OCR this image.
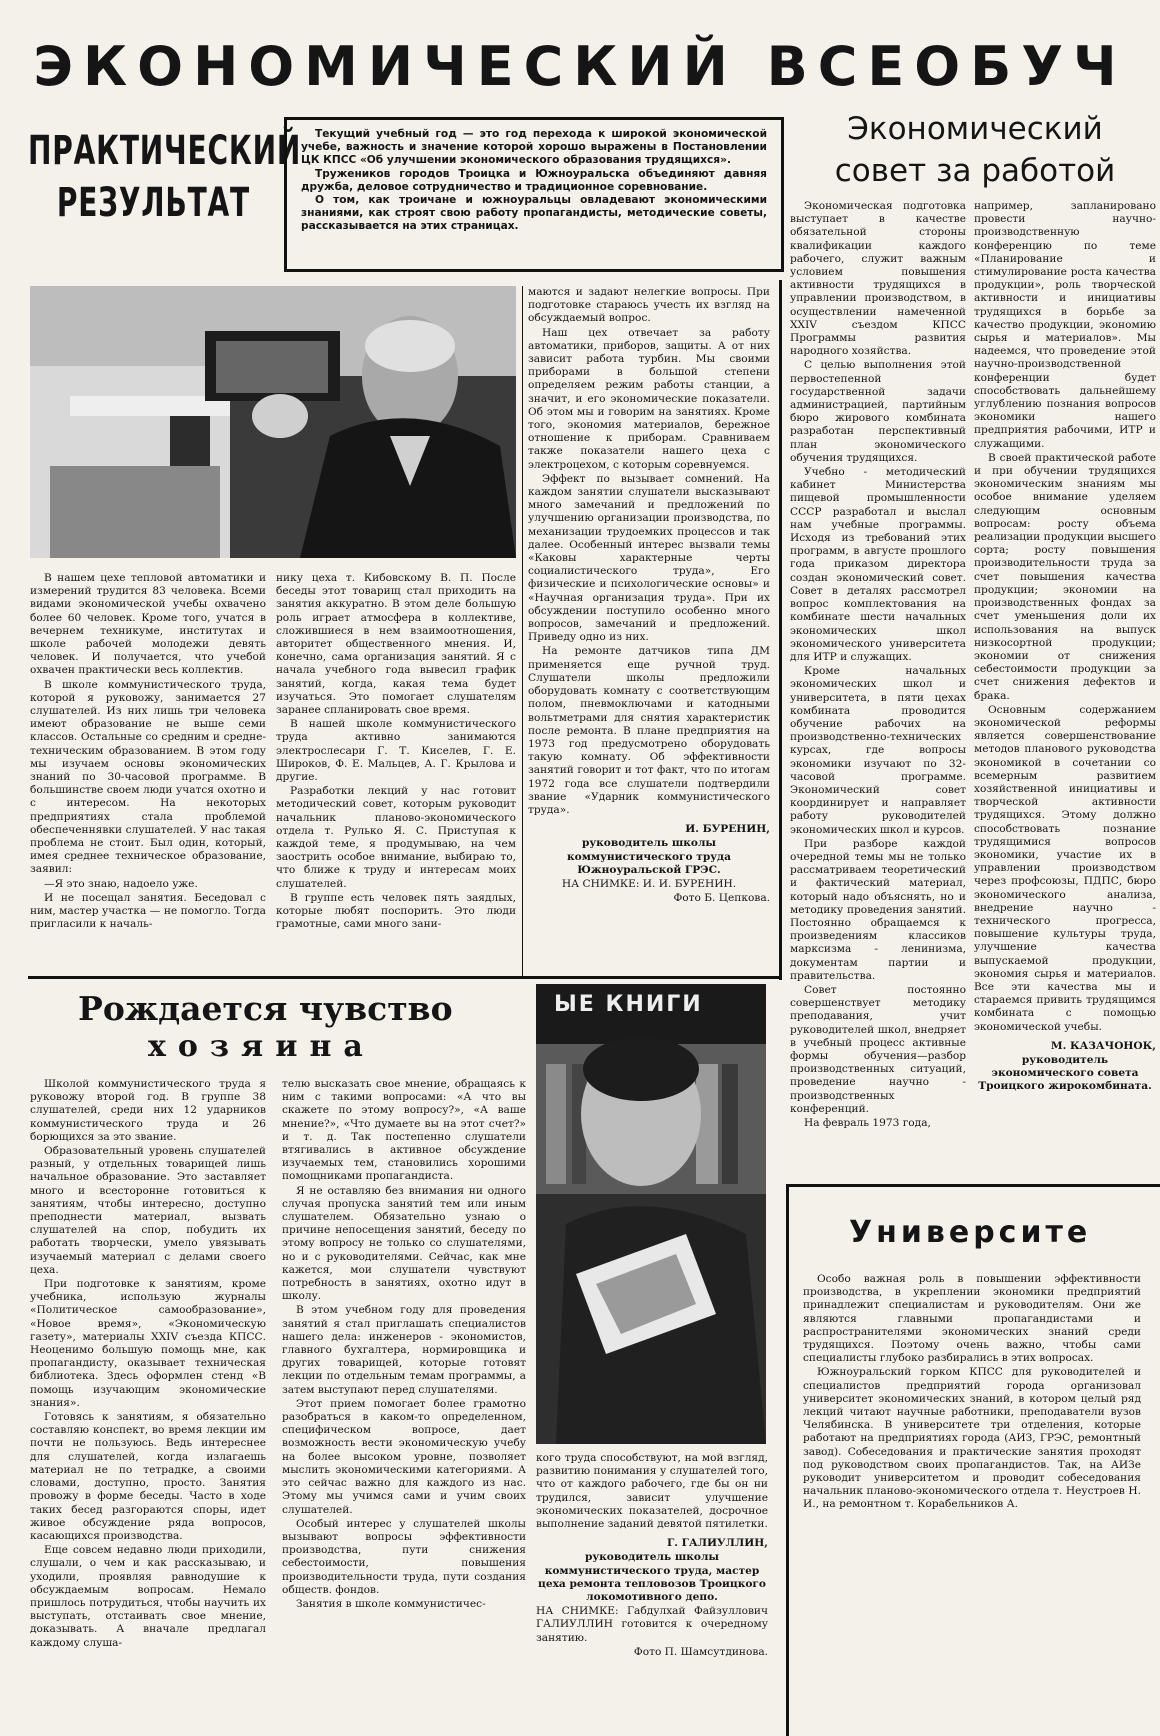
ЭКОНОМИЧЕСКИЙ ВСЕОБУЧ
ПРАКТИЧЕСКИЙ
РЕЗУЛЬТАТ

Текущий учебный год — это год перехода к широкой экономической учебе, важность и значение которой хорошо выражены в Постановлении ЦК КПСС «Об улучшении экономического образования трудящихся».

Тружеников городов Троицка и Южноуральска объединяют давняя дружба, деловое сотрудничество и традиционное соревнование.

О том, как троичане и южноуральцы овладевают экономическими знаниями, как строят свою работу пропагандисты, методические советы, рассказывается на этих страницах.

Экономический
совет за работой

В нашем цехе тепловой автоматики и измерений трудится 83 человека. Всеми видами экономической учебы охвачено более 60 человек. Кроме того, учатся в вечернем техникуме, институтах и школе рабочей молодежи девять человек. И получается, что учебой охвачен практически весь коллектив.

В школе коммунистического труда, которой я руковожу, занимается 27 слушателей. Из них лишь три человека имеют образование не выше семи классов. Остальные со средним и средне-техническим образованием. В этом году мы изучаем основы экономических знаний по 30-часовой программе. В большинстве своем люди учатся охотно и с интересом. На некоторых предприятиях стала проблемой обеспеченнявки слушателей. У нас такая проблема не стоит. Был один, который, имея среднее техническое образование, заявил:

—Я это знаю, надоело уже.

И не посещал занятия. Беседовал с ним, мастер участка — не помогло. Тогда пригласили к началь-

нику цеха т. Кибовскому В. П. После беседы этот товарищ стал приходить на занятия аккуратно. В этом деле большую роль играет атмосфера в коллективе, сложившиеся в нем взаимоотношения, авторитет общественного мнения. И, конечно, сама организация занятий. Я с начала учебного года вывесил график занятий, когда, какая тема будет изучаться. Это помогает слушателям заранее спланировать свое время.

В нашей школе коммунистического труда активно занимаются электрослесари Г. Т. Киселев, Г. Е. Широков, Ф. Е. Мальцев, А. Г. Крылова и другие.

Разработки лекций у нас готовит методический совет, которым руководит начальник планово-экономического отдела т. Рулько Я. С. Приступая к каждой теме, я продумываю, на чем заострить особое внимание, выбираю то, что ближе к труду и интересам моих слушателей.

В группе есть человек пять заядлых, которые любят поспорить. Это люди грамотные, сами много зани-

маются и задают нелегкие вопросы. При подготовке стараюсь учесть их взгляд на обсуждаемый вопрос.

Наш цех отвечает за работу автоматики, приборов, защиты. А от них зависит работа турбин. Мы своими приборами в большой степени определяем режим работы станции, а значит, и его экономические показатели. Об этом мы и говорим на занятиях. Кроме того, экономия материалов, бережное отношение к приборам. Сравниваем также показатели нашего цеха с электроцехом, с которым соревнуемся.

Эффект по вызывает сомнений. На каждом занятии слушатели высказывают много замечаний и предложений по улучшению организации производства, по механизации трудоемких процессов и так далее. Особенный интерес вызвали темы «Каковы характерные черты социалистического труда», Его физические и психологические основы» и «Научная организация труда». При их обсуждении поступило особенно много вопросов, замечаний и предложений. Приведу одно из них.

На ремонте датчиков типа ДМ применяется еще ручной труд. Слушатели школы предложили оборудовать комнату с соответствующим полом, пневмоключами и катодными вольтметрами для снятия характеристик после ремонта. В плане предприятия на 1973 год предусмотрено оборудовать такую комнату. Об эффективности занятий говорит и тот факт, что по итогам 1972 года все слушатели подтвердили звание «Ударник коммунистического труда».

И. БУРЕНИН,

руководитель школы коммунистического труда Южноуральской ГРЭС.

НА СНИМКЕ: И. И. БУРЕНИН.

Фото Б. Цепкова.

Экономическая подготовка выступает в качестве обязательной стороны квалификации каждого рабочего, служит важным условием повышения активности трудящихся в управлении производством, в осуществлении намеченной XXIV съездом КПСС Программы развития народного хозяйства.

С целью выполнения этой первостепенной государственной задачи администрацией, партийным бюро жирового комбината разработан перспективный план экономического обучения трудящихся.

Учебно - методический кабинет Министерства пищевой промышленности СССР разработал и выслал нам учебные программы. Исходя из требований этих программ, в августе прошлого года приказом директора создан экономический совет. Совет в деталях рассмотрел вопрос комплектования на комбинате шести начальных экономических школ экономического университета для ИТР и служащих.

Кроме начальных экономических школ и университета, в пяти цехах комбината проводится обучение рабочих на производственно-технических курсах, где вопросы экономики изучают по 32-часовой программе. Экономический совет координирует и направляет работу руководителей экономических школ и курсов.

При разборе каждой очередной темы мы не только рассматриваем теоретический и фактический материал, который надо объяснять, но и методику проведения занятий. Постоянно обращаемся к произведениям классиков марксизма - ленинизма, документам партии и правительства.

Совет постоянно совершенствует методику преподавания, учит руководителей школ, внедряет в учебный процесс активные формы обучения—разбор производственных ситуаций, проведение научно - производственных конференций.

На февраль 1973 года,

например, запланировано провести научно-производственную конференцию по теме «Планирование и стимулирование роста качества продукции», роль творческой активности и инициативы трудящихся в борьбе за качество продукции, экономию сырья и материалов». Мы надеемся, что проведение этой научно-производственной конференции будет способствовать дальнейшему углублению познания вопросов экономики нашего предприятия рабочими, ИТР и служащими.

В своей практической работе и при обучении трудящихся экономическим знаниям мы особое внимание уделяем следующим основным вопросам: росту объема реализации продукции высшего сорта; росту повышения производительности труда за счет повышения качества продукции; экономии на производственных фондах за счет уменьшения доли их использования на выпуск низкосортной продукции; экономии от снижения себестоимости продукции за счет снижения дефектов и брака.

Основным содержанием экономической реформы является совершенствование методов планового руководства экономикой в сочетании со всемерным развитием хозяйственной инициативы и творческой активности трудящихся. Этому должно способствовать познание трудящимися вопросов экономики, участие их в управлении производством через профсоюзы, ПДПС, бюро экономического анализа, внедрение научно - технического прогресса, повышение культуры труда, улучшение качества выпускаемой продукции, экономия сырья и материалов. Все эти качества мы и стараемся привить трудящимся комбината с помощью экономической учебы.

М. КАЗАЧОНОК,

руководитель экономического совета Троицкого жирокомбината.

Рождается чувство
хозяина
ЫЕ КНИГИ

Школой коммунистического труда я руковожу второй год. В группе 38 слушателей, среди них 12 ударников коммунистического труда и 26 борющихся за это звание.

Образовательный уровень слушателей разный, у отдельных товарищей лишь начальное образование. Это заставляет много и всесторонне готовиться к занятиям, чтобы интересно, доступно преподнести материал, вызвать слушателей на спор, побудить их работать творчески, умело увязывать изучаемый материал с делами своего цеха.

При подготовке к занятиям, кроме учебника, использую журналы «Политическое самообразование», «Новое время», «Экономическую газету», материалы XXIV съезда КПСС. Неоценимо большую помощь мне, как пропагандисту, оказывает техническая библиотека. Здесь оформлен стенд «В помощь изучающим экономические знания».

Готовясь к занятиям, я обязательно составляю конспект, во время лекции им почти не пользуюсь. Ведь интереснее для слушателей, когда излагаешь материал не по тетрадке, а своими словами, доступно, просто. Занятия провожу в форме беседы. Часто в ходе таких бесед разгораются споры, идет живое обсуждение ряда вопросов, касающихся производства.

Еще совсем недавно люди приходили, слушали, о чем и как рассказываю, и уходили, проявляя равнодушие к обсуждаемым вопросам. Немало пришлось потрудиться, чтобы научить их выступать, отстаивать свое мнение, доказывать. А вначале предлагал каждому слуша-

телю высказать свое мнение, обращаясь к ним с такими вопросами: «А что вы скажете по этому вопросу?», «А ваше мнение?», «Что думаете вы на этот счет?» и т. д. Так постепенно слушатели втягивались в активное обсуждение изучаемых тем, становились хорошими помощниками пропагандиста.

Я не оставляю без внимания ни одного случая пропуска занятий тем или иным слушателем. Обязательно узнаю о причине непосещения занятий, беседу по этому вопросу не только со слушателями, но и с руководителями. Сейчас, как мне кажется, мои слушатели чувствуют потребность в занятиях, охотно идут в школу.

В этом учебном году для проведения занятий я стал приглашать специалистов нашего дела: инженеров - экономистов, главного бухгалтера, нормировщика и других товарищей, которые готовят лекции по отдельным темам программы, а затем выступают перед слушателями.

Этот прием помогает более грамотно разобраться в каком-то определенном, специфическом вопросе, дает возможность вести экономическую учебу на более высоком уровне, позволяет мыслить экономическими категориями. А это сейчас важно для каждого из нас. Этому мы учимся сами и учим своих слушателей.

Особый интерес у слушателей школы вызывают вопросы эффективности производства, пути снижения себестоимости, повышения производительности труда, пути создания обществ. фондов.

Занятия в школе коммунистичес-

кого труда способствуют, на мой взгляд, развитию понимания у слушателей того, что от каждого рабочего, где бы он ни трудился, зависит улучшение экономических показателей, досрочное выполнение заданий девятой пятилетки.

Г. ГАЛИУЛЛИН,

руководитель школы коммунистического труда, мастер цеха ремонта тепловозов Троицкого локомотивного депо.

НА СНИМКЕ: Габдулхай Файзуллович ГАЛИУЛЛИН готовится к очередному занятию.

Фото П. Шамсутдинова.

Университе

Особо важная роль в повышении эффективности производства, в укреплении экономики предприятий принадлежит специалистам и руководителям. Они же являются главными пропагандистами и распространителями экономических знаний среди трудящихся. Поэтому очень важно, чтобы сами специалисты глубоко разбирались в этих вопросах.

Южноуральский горком КПСС для руководителей и специалистов предприятий города организовал университет экономических знаний, в котором целый ряд лекций читают научные работники, преподаватели вузов Челябинска. В университете три отделения, которые работают на предприятиях города (АИЗ, ГРЭС, ремонтный завод). Собеседования и практические занятия проходят под руководством своих пропагандистов. Так, на АИЗе руководит университетом и проводит собеседования начальник планово-экономического отдела т. Неустроев Н. И., на ремонтном т. Корабельников А.
